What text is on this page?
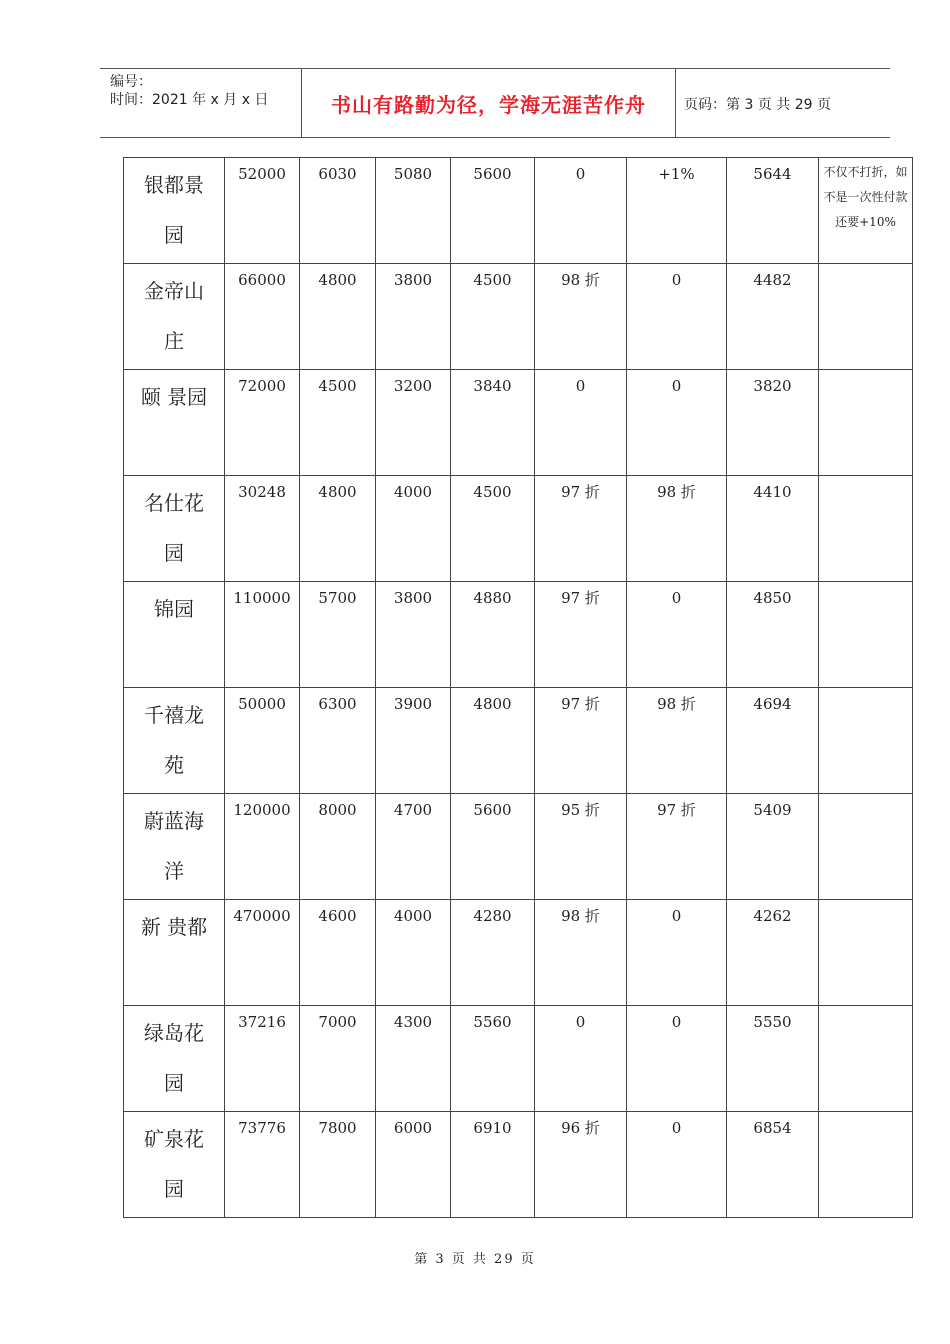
编号：
时间：2021 年 x 月 x 日	书山有路勤为径，学海无涯苦作舟	页码：第 3 页 共 29 页
银都景园	52000	6030	5080	5600	0	+1%	5644	不仅不打折，如不是一次性付款还要+10%

金帝山庄	66000	4800	3800	4500	98 折	0	4482	

颐 景园	72000	4500	3200	3840	0	0	3820	

名仕花园	30248	4800	4000	4500	97 折	98 折	4410	

锦园	110000	5700	3800	4880	97 折	0	4850	

千禧龙苑	50000	6300	3900	4800	97 折	98 折	4694	

蔚蓝海洋	120000	8000	4700	5600	95 折	97 折	5409	

新 贵都	470000	4600	4000	4280	98 折	0	4262	

绿岛花园	37216	7000	4300	5560	0	0	5550	

矿泉花园	73776	7800	6000	6910	96 折	0	6854	
第 3 页 共 29 页
